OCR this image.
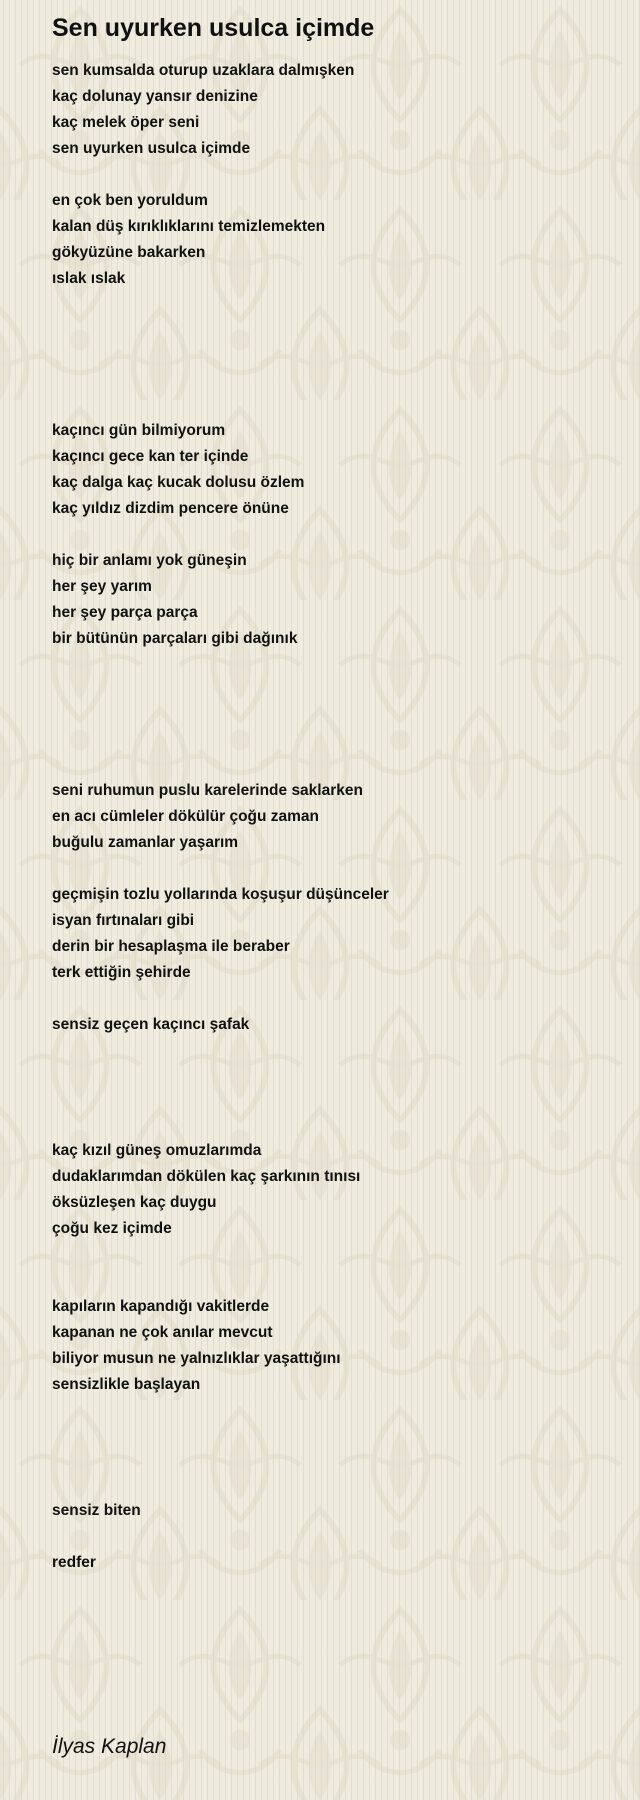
Sen uyurken usulca içimde
sen kumsalda oturup uzaklara dalmışken
kaç dolunay yansır denizine
kaç melek öper seni
sen uyurken usulca içimde
en çok ben yoruldum
kalan düş kırıklıklarını temizlemekten
gökyüzüne bakarken
ıslak ıslak
kaçıncı gün bilmiyorum
kaçıncı gece kan ter içinde
kaç dalga kaç kucak dolusu özlem
kaç yıldız dizdim pencere önüne
hiç bir anlamı yok güneşin
her şey yarım
her şey parça parça
bir bütünün parçaları gibi dağınık
seni ruhumun puslu karelerinde saklarken
en acı cümleler dökülür çoğu zaman
buğulu zamanlar yaşarım
geçmişin tozlu yollarında koşuşur düşünceler
isyan fırtınaları gibi
derin bir hesaplaşma ile beraber
terk ettiğin şehirde
sensiz geçen kaçıncı şafak
kaç kızıl güneş omuzlarımda
dudaklarımdan dökülen kaç şarkının tınısı
öksüzleşen kaç duygu
çoğu kez içimde
kapıların kapandığı vakitlerde
kapanan ne çok anılar mevcut
biliyor musun ne yalnızlıklar yaşattığını
sensizlikle başlayan
sensiz biten
redfer
İlyas Kaplan
